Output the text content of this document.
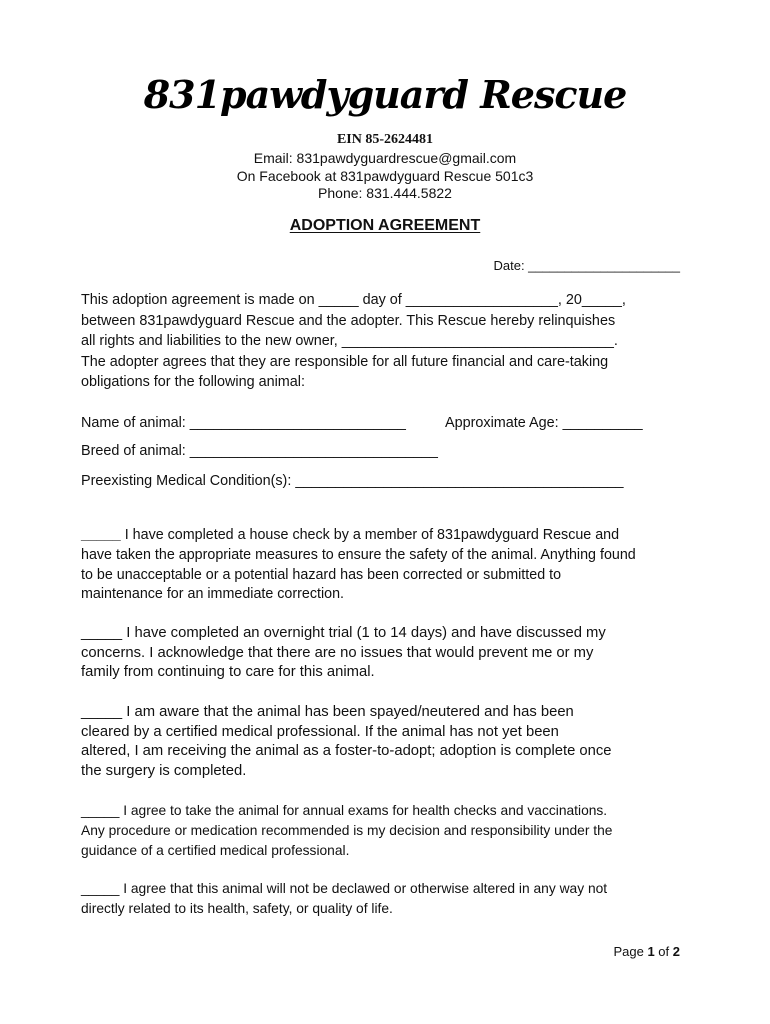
831pawdyguard Rescue
EIN 85-2624481
Email: 831pawdyguardrescue@gmail.com
On Facebook at 831pawdyguard Rescue 501c3
Phone: 831.444.5822
ADOPTION AGREEMENT
Date: _____________________
This adoption agreement is made on _____ day of ___________________, 20_____,
between 831pawdyguard Rescue and the adopter. This Rescue hereby relinquishes
all rights and liabilities to the new owner, __________________________________.
The adopter agrees that they are responsible for all future financial and care-taking
obligations for the following animal:
Name of animal: ___________________________	Approximate Age: __________
Breed of animal: _______________________________
Preexisting Medical Condition(s): _________________________________________
_____ I have completed a house check by a member of 831pawdyguard Rescue and
have taken the appropriate measures to ensure the safety of the animal. Anything found
to be unacceptable or a potential hazard has been corrected or submitted to
maintenance for an immediate correction.
_____ I have completed an overnight trial (1 to 14 days) and have discussed my
concerns. I acknowledge that there are no issues that would prevent me or my
family from continuing to care for this animal.
_____ I am aware that the animal has been spayed/neutered and has been
cleared by a certified medical professional. If the animal has not yet been
altered, I am receiving the animal as a foster-to-adopt; adoption is complete once
the surgery is completed.
_____ I agree to take the animal for annual exams for health checks and vaccinations.
Any procedure or medication recommended is my decision and responsibility under the
guidance of a certified medical professional.
_____ I agree that this animal will not be declawed or otherwise altered in any way not
directly related to its health, safety, or quality of life.
Page 1 of 2
